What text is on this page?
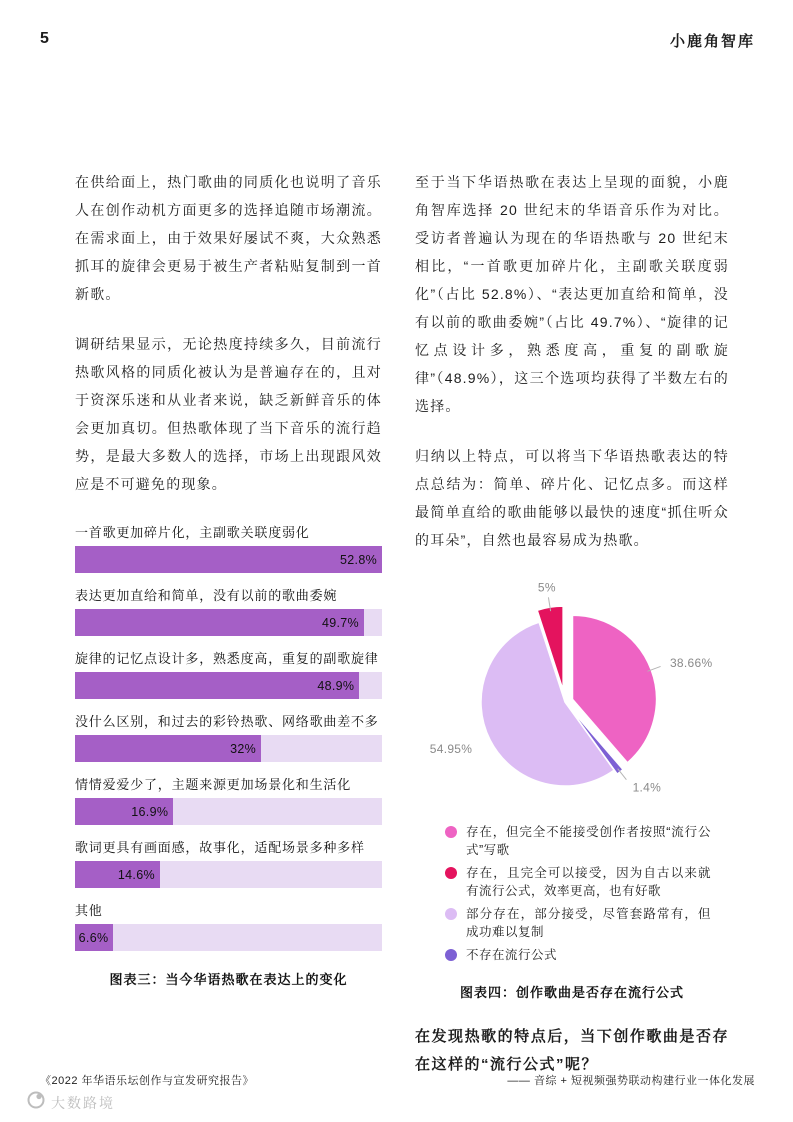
5	小鹿角智库

在供给面上，热门歌曲的同质化也说明了音乐人在创作动机方面更多的选择追随市场潮流。在需求面上，由于效果好屡试不爽，大众熟悉抓耳的旋律会更易于被生产者粘贴复制到一首新歌。

调研结果显示，无论热度持续多久，目前流行热歌风格的同质化被认为是普遍存在的，且对于资深乐迷和从业者来说，缺乏新鲜音乐的体会更加真切。但热歌体现了当下音乐的流行趋势，是最大多数人的选择，市场上出现跟风效应是不可避免的现象。

一首歌更加碎片化，主副歌关联度弱化
52.8%
表达更加直给和简单，没有以前的歌曲委婉
49.7%
旋律的记忆点设计多，熟悉度高，重复的副歌旋律
48.9%
没什么区别，和过去的彩铃热歌、网络歌曲差不多
32%
情情爱爱少了，主题来源更加场景化和生活化
16.9%
歌词更具有画面感，故事化，适配场景多种多样
14.6%
其他
6.6%
图表三：当今华语热歌在表达上的变化

至于当下华语热歌在表达上呈现的面貌，小鹿角智库选择 20 世纪末的华语音乐作为对比。受访者普遍认为现在的华语热歌与 20 世纪末相比，“一首歌更加碎片化，主副歌关联度弱化”（占比 52.8%）、“表达更加直给和简单，没有以前的歌曲委婉”（占比 49.7%）、“旋律的记忆点设计多，熟悉度高，重复的副歌旋律”（48.9%），这三个选项均获得了半数左右的选择。

归纳以上特点，可以将当下华语热歌表达的特点总结为：简单、碎片化、记忆点多。而这样最简单直给的歌曲能够以最快的速度“抓住听众的耳朵”，自然也最容易成为热歌。

38.66%
1.4%
54.95%
5%
存在，但完全不能接受创作者按照“流行公式”写歌
存在，且完全可以接受，因为自古以来就有流行公式，效率更高，也有好歌
部分存在，部分接受，尽管套路常有，但成功难以复制
不存在流行公式
图表四：创作歌曲是否存在流行公式

在发现热歌的特点后，当下创作歌曲是否存在这样的“流行公式”呢？

《2022 年华语乐坛创作与宣发研究报告》	—— 音综 + 短视频强势联动构建行业一体化发展
大数路境
